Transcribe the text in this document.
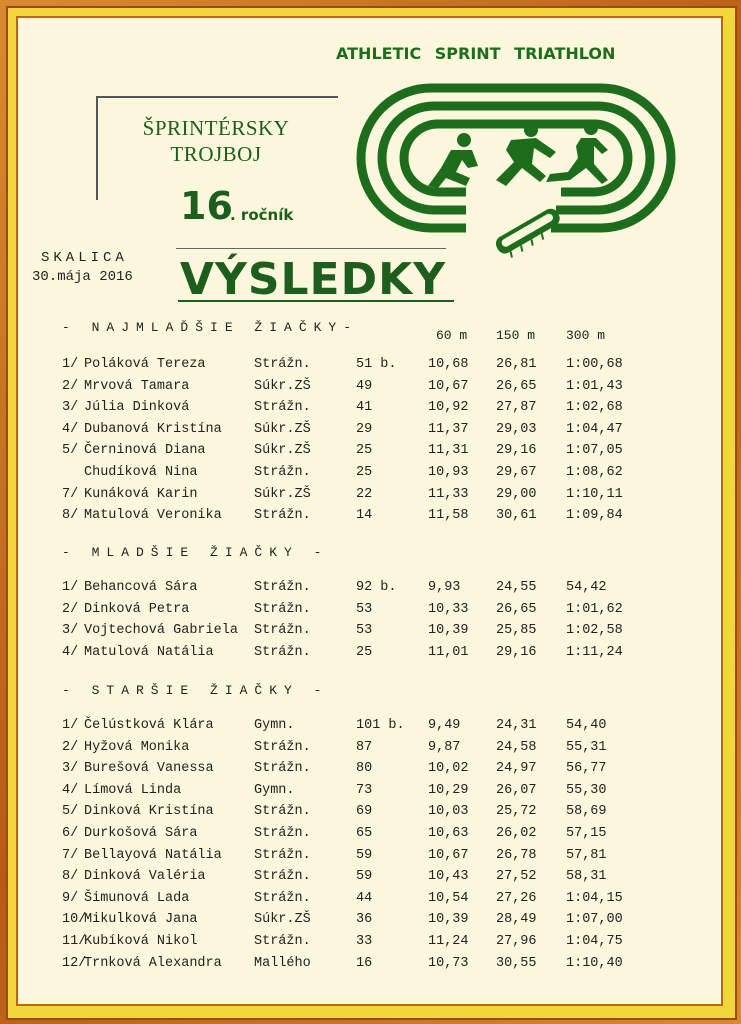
ATHLETIC SPRINT TRIATHLON
ŠPRINTÉRSKY
TROJBOJ
16
. ročník
SKALICA
30.mája 2016 VÝSLEDKY
- NAJMLAĎŠIE ŽIAČKY-
60 m 150 m 300 m
1/ Poláková Tereza	Strážn.	51 b. 10,68 26,81 1:00,68
2/ Mrvová Tamara	Súkr.ZŠ	49	10,67 26,65 1:01,43
3/ Júlia Dinková	Strážn.	41	10,92 27,87 1:02,68
4/ Dubanová Kristína Súkr.ZŠ	29	11,37 29,03 1:04,47
5/ Černinová Diana	Súkr.ZŠ	25	11,31 29,16 1:07,05
Chudíková Nina	Strážn.	25	10,93 29,67 1:08,62
7/ Kunáková Karin	Súkr.ZŠ	22	11,33 29,00 1:10,11
8/ Matulová Veronika Strážn.	14	11,58 30,61 1:09,84
- MLADŠIE ŽIAČKY -
1/ Behancová Sára	Strážn.	92 b. 9,93	24,55 54,42
2/ Dinková Petra	Strážn.	53	10,33 26,65 1:01,62
3/ Vojtechová Gabriela Strážn.	53	10,39 25,85 1:02,58
4/ Matulová Natália	Strážn.	25	11,01 29,16 1:11,24
- STARŠIE ŽIAČKY -
1/ Čelústková Klára	Gymn.	101 b. 9,49	24,31 54,40
2/ Hyžová Monika	Strážn.	87	9,87	24,58 55,31
3/ Burešová Vanessa	Strážn.	80	10,02 24,97 56,77
4/ Límová Linda	Gymn.	73	10,29 26,07 55,30
5/ Dinková Kristína	Strážn.	69	10,03 25,72 58,69
6/ Durkošová Sára	Strážn.	65	10,63 26,02 57,15
7/ Bellayová Natália Strážn.	59	10,67 26,78 57,81
8/ Dinková Valéria	Strážn.	59	10,43 27,52 58,31
9/ Šimunová Lada	Strážn.	44	10,54 27,26 1:04,15
10/
Mikulková Jana	Súkr.ZŠ	36	10,39 28,49 1:07,00
11/
Kubíková Nikol	Strážn.	33	11,24 27,96 1:04,75
12/
Trnková Alexandra Mallého	16	10,73 30,55 1:10,40
